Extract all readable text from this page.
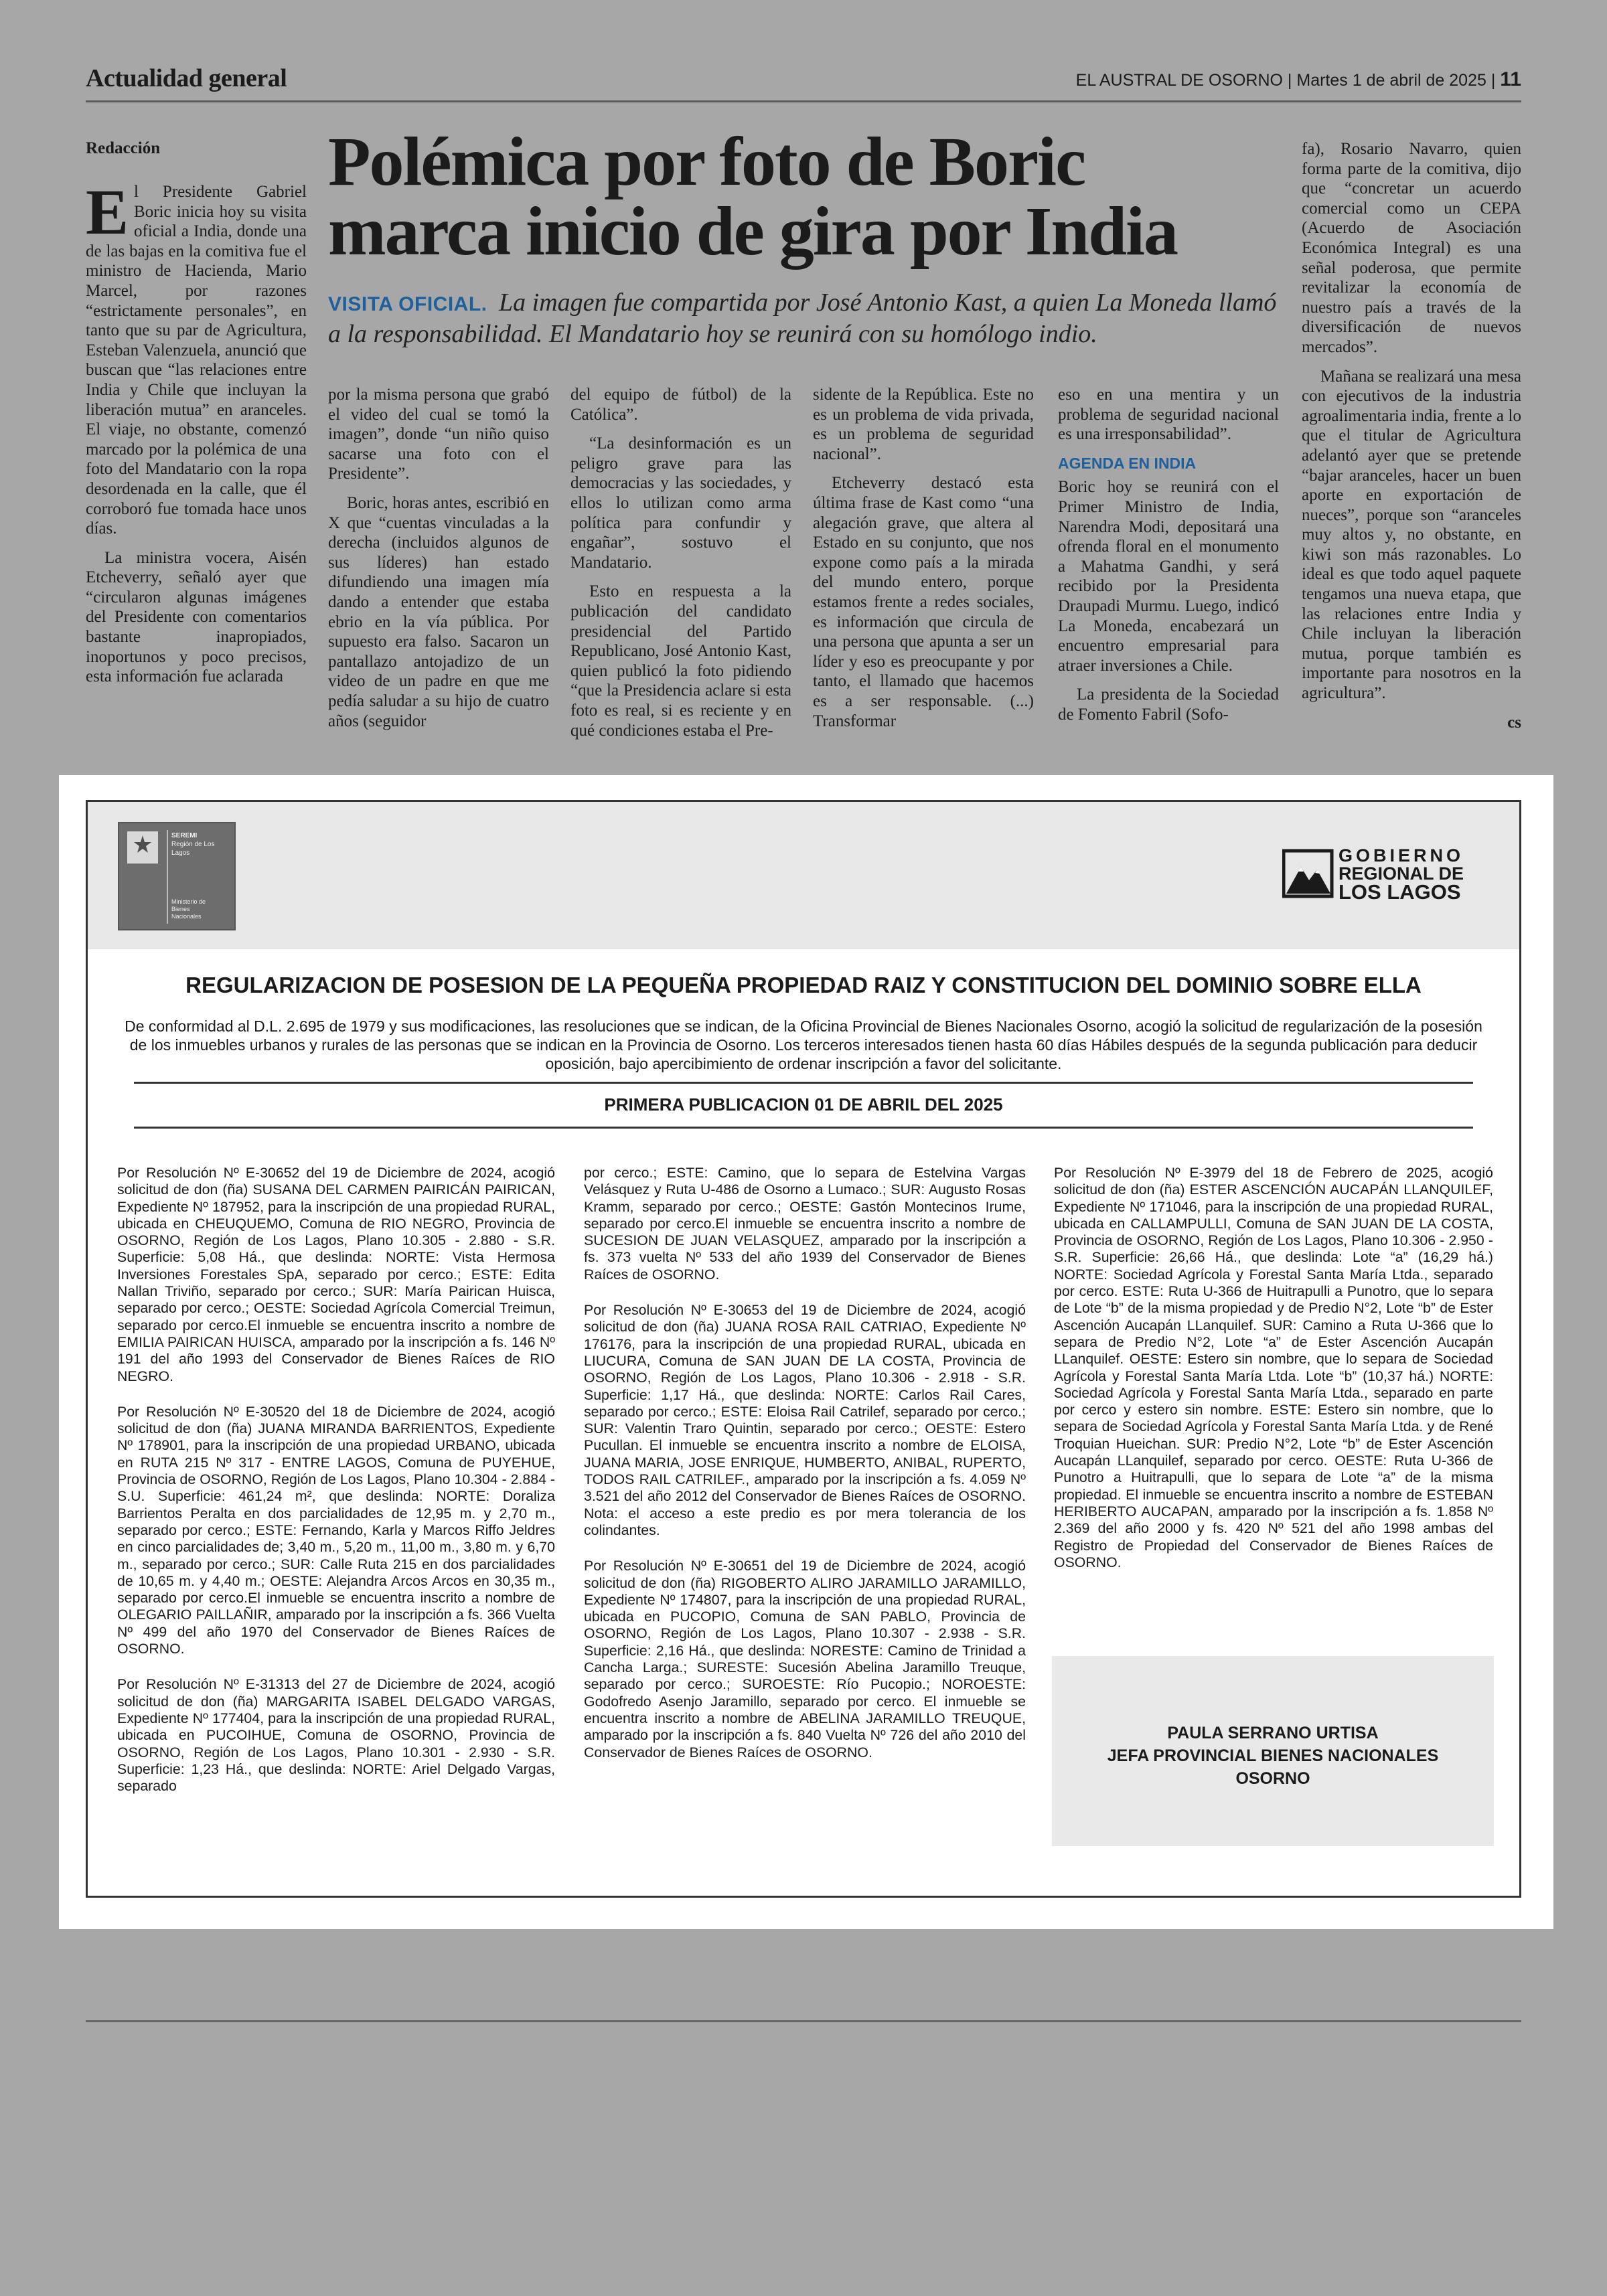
Actualidad general	EL AUSTRAL DE OSORNO | Martes 1 de abril de 2025 | 11
Redacción Polémica por foto de Boric
marca inicio de gira por India
VISITA OFICIAL. La imagen fue compartida por José Antonio Kast, a quien La Moneda llamó a la responsabilidad. El Mandatario hoy se reunirá con su homólogo indio.

El Presidente Gabriel Boric inicia hoy su visita oficial a India, donde una de las bajas en la comitiva fue el ministro de Hacienda, Mario Marcel, por razones “estrictamente personales”, en tanto que su par de Agricultura, Esteban Valenzuela, anunció que buscan que “las relaciones entre India y Chile que incluyan la liberación mutua” en aranceles. El viaje, no obstante, comenzó marcado por la polémica de una foto del Mandatario con la ropa desordenada en la calle, que él corroboró fue tomada hace unos días.

La ministra vocera, Aisén Etcheverry, señaló ayer que “circularon algunas imágenes del Presidente con comentarios bastante inapropiados, inoportunos y poco precisos, esta información fue aclarada

por la misma persona que grabó el video del cual se tomó la imagen”, donde “un niño quiso sacarse una foto con el Presidente”.

Boric, horas antes, escribió en X que “cuentas vinculadas a la derecha (incluidos algunos de sus líderes) han estado difundiendo una imagen mía dando a entender que estaba ebrio en la vía pública. Por supuesto era falso. Sacaron un pantallazo antojadizo de un video de un padre en que me pedía saludar a su hijo de cuatro años (seguidor

del equipo de fútbol) de la Católica”.

“La desinformación es un peligro grave para las democracias y las sociedades, y ellos lo utilizan como arma política para confundir y engañar”, sostuvo el Mandatario.

Esto en respuesta a la publicación del candidato presidencial del Partido Republicano, José Antonio Kast, quien publicó la foto pidiendo “que la Presidencia aclare si esta foto es real, si es reciente y en qué condiciones estaba el Pre-

sidente de la República. Este no es un problema de vida privada, es un problema de seguridad nacional”.

Etcheverry destacó esta última frase de Kast como “una alegación grave, que altera al Estado en su conjunto, que nos expone como país a la mirada del mundo entero, porque estamos frente a redes sociales, es información que circula de una persona que apunta a ser un líder y eso es preocupante y por tanto, el llamado que hacemos es a ser responsable. (...) Transformar

eso en una mentira y un problema de seguridad nacional es una irresponsabilidad”.

AGENDA EN INDIA

Boric hoy se reunirá con el Primer Ministro de India, Narendra Modi, depositará una ofrenda floral en el monumento a Mahatma Gandhi, y será recibido por la Presidenta Draupadi Murmu. Luego, indicó La Moneda, encabezará un encuentro empresarial para atraer inversiones a Chile.

La presidenta de la Sociedad de Fomento Fabril (Sofo-

fa), Rosario Navarro, quien forma parte de la comitiva, dijo que “concretar un acuerdo comercial como un CEPA (Acuerdo de Asociación Económica Integral) es una señal poderosa, que permite revitalizar la economía de nuestro país a través de la diversificación de nuevos mercados”.

Mañana se realizará una mesa con ejecutivos de la industria agroalimentaria india, frente a lo que el titular de Agricultura adelantó ayer que se pretende “bajar aranceles, hacer un buen aporte en exportación de nueces”, porque son “aranceles muy altos y, no obstante, en kiwi son más razonables. Lo ideal es que todo aquel paquete tengamos una nueva etapa, que las relaciones entre India y Chile incluyan la liberación mutua, porque también es importante para nosotros en la agricultura”.

cs
SEREMI
Región de Los Lagos
Ministerio de
Bienes
Nacionales
GOBIERNO
REGIONAL DE
LOS LAGOS
REGULARIZACION DE POSESION DE LA PEQUEÑA PROPIEDAD RAIZ Y CONSTITUCION DEL DOMINIO SOBRE ELLA
De conformidad al D.L. 2.695 de 1979 y sus modificaciones, las resoluciones que se indican, de la Oficina Provincial de Bienes Nacionales Osorno, acogió la solicitud de regularización de la posesión de los inmuebles urbanos y rurales de las personas que se indican en la Provincia de Osorno. Los terceros interesados tienen hasta 60 días Hábiles después de la segunda publicación para deducir oposición, bajo apercibimiento de ordenar inscripción a favor del solicitante.
PRIMERA PUBLICACION 01 DE ABRIL DEL 2025

Por Resolución Nº E-30652 del 19 de Diciembre de 2024, acogió solicitud de don (ña) SUSANA DEL CARMEN PAIRICÁN PAIRICAN, Expediente Nº 187952, para la inscripción de una propiedad RURAL, ubicada en CHEUQUEMO, Comuna de RIO NEGRO, Provincia de OSORNO, Región de Los Lagos, Plano 10.305 - 2.880 - S.R. Superficie: 5,08 Há., que deslinda: NORTE: Vista Hermosa Inversiones Forestales SpA, separado por cerco.; ESTE: Edita Nallan Triviño, separado por cerco.; SUR: María Pairican Huisca, separado por cerco.; OESTE: Sociedad Agrícola Comercial Treimun, separado por cerco.El inmueble se encuentra inscrito a nombre de EMILIA PAIRICAN HUISCA, amparado por la inscripción a fs. 146 Nº 191 del año 1993 del Conservador de Bienes Raíces de RIO NEGRO.

Por Resolución Nº E-30520 del 18 de Diciembre de 2024, acogió solicitud de don (ña) JUANA MIRANDA BARRIENTOS, Expediente Nº 178901, para la inscripción de una propiedad URBANO, ubicada en RUTA 215 Nº 317 - ENTRE LAGOS, Comuna de PUYEHUE, Provincia de OSORNO, Región de Los Lagos, Plano 10.304 - 2.884 - S.U. Superficie: 461,24 m², que deslinda: NORTE: Doraliza Barrientos Peralta en dos parcialidades de 12,95 m. y 2,70 m., separado por cerco.; ESTE: Fernando, Karla y Marcos Riffo Jeldres en cinco parcialidades de; 3,40 m., 5,20 m., 11,00 m., 3,80 m. y 6,70 m., separado por cerco.; SUR: Calle Ruta 215 en dos parcialidades de 10,65 m. y 4,40 m.; OESTE: Alejandra Arcos Arcos en 30,35 m., separado por cerco.El inmueble se encuentra inscrito a nombre de OLEGARIO PAILLAÑIR, amparado por la inscripción a fs. 366 Vuelta Nº 499 del año 1970 del Conservador de Bienes Raíces de OSORNO.

Por Resolución Nº E-31313 del 27 de Diciembre de 2024, acogió solicitud de don (ña) MARGARITA ISABEL DELGADO VARGAS, Expediente Nº 177404, para la inscripción de una propiedad RURAL, ubicada en PUCOIHUE, Comuna de OSORNO, Provincia de OSORNO, Región de Los Lagos, Plano 10.301 - 2.930 - S.R. Superficie: 1,23 Há., que deslinda: NORTE: Ariel Delgado Vargas, separado

por cerco.; ESTE: Camino, que lo separa de Estelvina Vargas Velásquez y Ruta U-486 de Osorno a Lumaco.; SUR: Augusto Rosas Kramm, separado por cerco.; OESTE: Gastón Montecinos Irume, separado por cerco.El inmueble se encuentra inscrito a nombre de SUCESION DE JUAN VELASQUEZ, amparado por la inscripción a fs. 373 vuelta Nº 533 del año 1939 del Conservador de Bienes Raíces de OSORNO.

Por Resolución Nº E-30653 del 19 de Diciembre de 2024, acogió solicitud de don (ña) JUANA ROSA RAIL CATRIAO, Expediente Nº 176176, para la inscripción de una propiedad RURAL, ubicada en LIUCURA, Comuna de SAN JUAN DE LA COSTA, Provincia de OSORNO, Región de Los Lagos, Plano 10.306 - 2.918 - S.R. Superficie: 1,17 Há., que deslinda: NORTE: Carlos Rail Cares, separado por cerco.; ESTE: Eloisa Rail Catrilef, separado por cerco.; SUR: Valentin Traro Quintin, separado por cerco.; OESTE: Estero Pucullan. El inmueble se encuentra inscrito a nombre de ELOISA, JUANA MARIA, JOSE ENRIQUE, HUMBERTO, ANIBAL, RUPERTO, TODOS RAIL CATRILEF., amparado por la inscripción a fs. 4.059 Nº 3.521 del año 2012 del Conservador de Bienes Raíces de OSORNO. Nota: el acceso a este predio es por mera tolerancia de los colindantes.

Por Resolución Nº E-30651 del 19 de Diciembre de 2024, acogió solicitud de don (ña) RIGOBERTO ALIRO JARAMILLO JARAMILLO, Expediente Nº 174807, para la inscripción de una propiedad RURAL, ubicada en PUCOPIO, Comuna de SAN PABLO, Provincia de OSORNO, Región de Los Lagos, Plano 10.307 - 2.938 - S.R. Superficie: 2,16 Há., que deslinda: NORESTE: Camino de Trinidad a Cancha Larga.; SURESTE: Sucesión Abelina Jaramillo Treuque, separado por cerco.; SUROESTE: Río Pucopio.; NOROESTE: Godofredo Asenjo Jaramillo, separado por cerco. El inmueble se encuentra inscrito a nombre de ABELINA JARAMILLO TREUQUE, amparado por la inscripción a fs. 840 Vuelta Nº 726 del año 2010 del Conservador de Bienes Raíces de OSORNO.

Por Resolución Nº E-3979 del 18 de Febrero de 2025, acogió solicitud de don (ña) ESTER ASCENCIÓN AUCAPÁN LLANQUILEF, Expediente Nº 171046, para la inscripción de una propiedad RURAL, ubicada en CALLAMPULLI, Comuna de SAN JUAN DE LA COSTA, Provincia de OSORNO, Región de Los Lagos, Plano 10.306 - 2.950 - S.R. Superficie: 26,66 Há., que deslinda: Lote “a” (16,29 há.) NORTE: Sociedad Agrícola y Forestal Santa María Ltda., separado por cerco. ESTE: Ruta U-366 de Huitrapulli a Punotro, que lo separa de Lote “b” de la misma propiedad y de Predio N°2, Lote “b” de Ester Ascención Aucapán LLanquilef. SUR: Camino a Ruta U-366 que lo separa de Predio N°2, Lote “a” de Ester Ascención Aucapán LLanquilef. OESTE: Estero sin nombre, que lo separa de Sociedad Agrícola y Forestal Santa María Ltda. Lote “b” (10,37 há.) NORTE: Sociedad Agrícola y Forestal Santa María Ltda., separado en parte por cerco y estero sin nombre. ESTE: Estero sin nombre, que lo separa de Sociedad Agrícola y Forestal Santa María Ltda. y de René Troquian Hueichan. SUR: Predio N°2, Lote “b” de Ester Ascención Aucapán LLanquilef, separado por cerco. OESTE: Ruta U-366 de Punotro a Huitrapulli, que lo separa de Lote “a” de la misma propiedad. El inmueble se encuentra inscrito a nombre de ESTEBAN HERIBERTO AUCAPAN, amparado por la inscripción a fs. 1.858 Nº 2.369 del año 2000 y fs. 420 Nº 521 del año 1998 ambas del Registro de Propiedad del Conservador de Bienes Raíces de OSORNO.

PAULA SERRANO URTISA
JEFA PROVINCIAL BIENES NACIONALES
OSORNO
